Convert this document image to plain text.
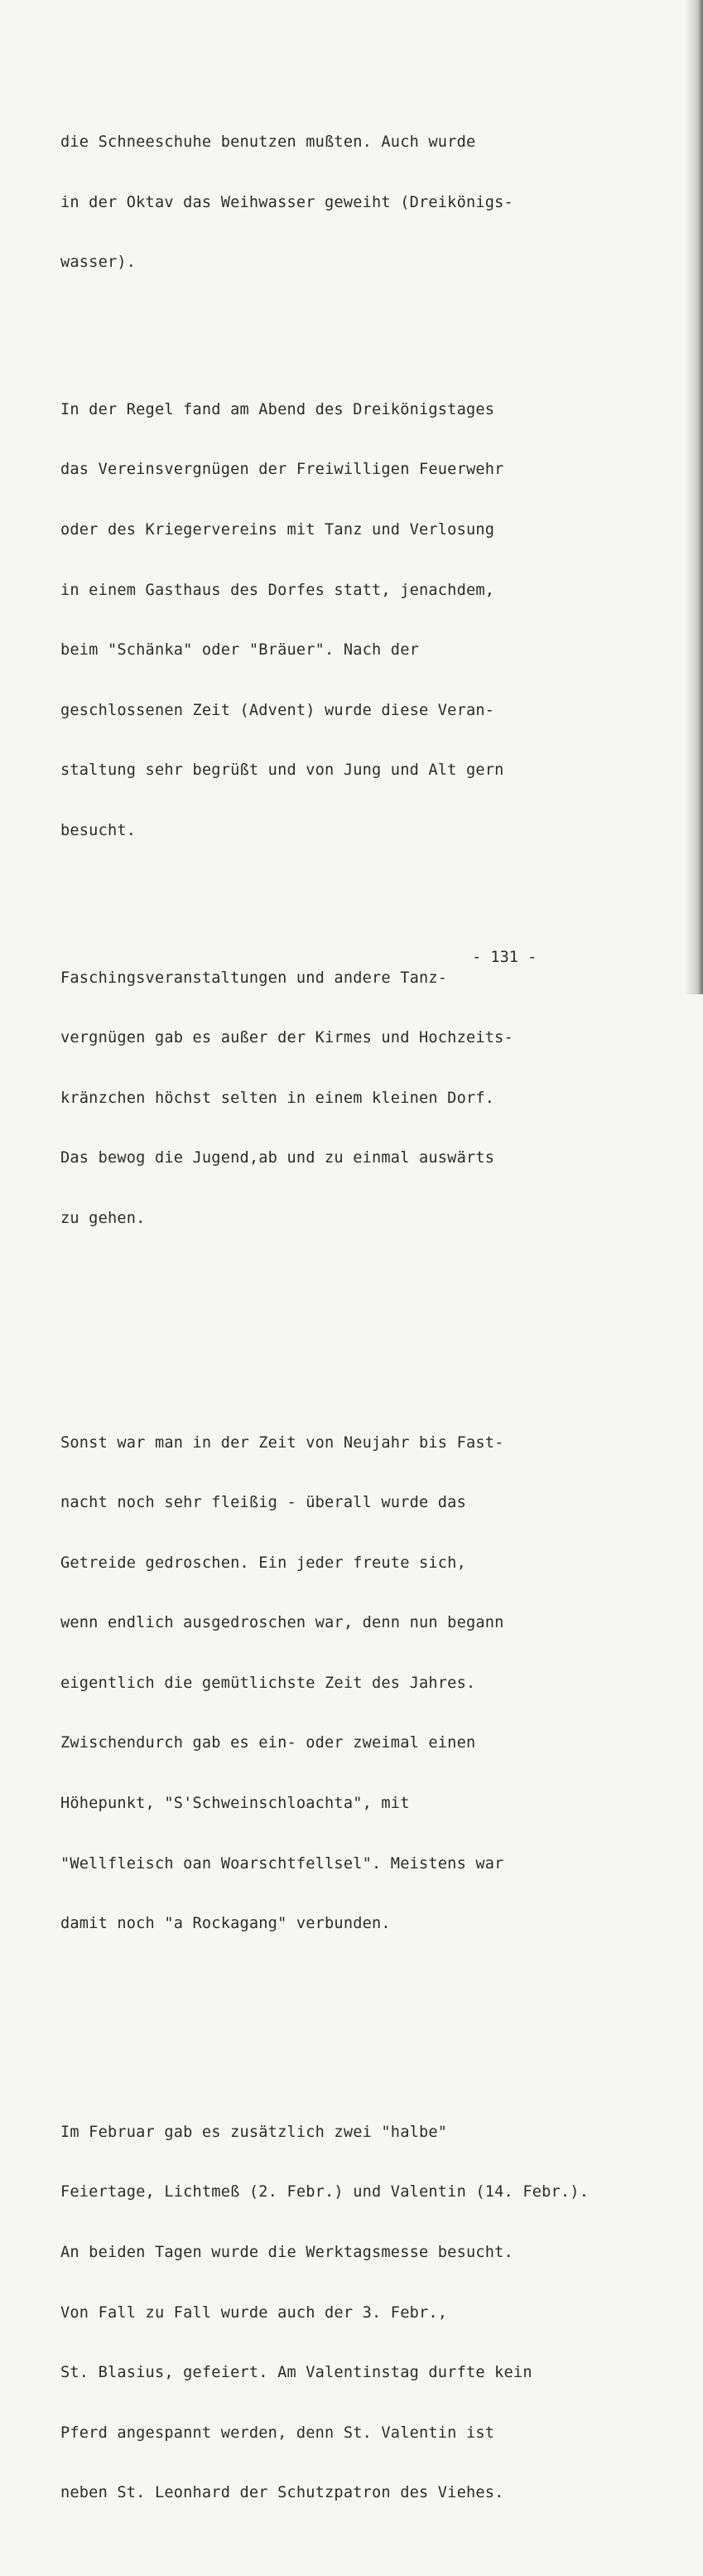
die Schneeschuhe benutzen mußten. Auch wurde

in der Oktav das Weihwasser geweiht (Dreikönigs-

wasser).

In der Regel fand am Abend des Dreikönigstages

das Vereinsvergnügen der Freiwilligen Feuerwehr

oder des Kriegervereins mit Tanz und Verlosung

in einem Gasthaus des Dorfes statt, jenachdem,

beim "Schänka" oder "Bräuer". Nach der

geschlossenen Zeit (Advent) wurde diese Veran-

staltung sehr begrüßt und von Jung und Alt gern

besucht.

Faschingsveranstaltungen und andere Tanz-

vergnügen gab es außer der Kirmes und Hochzeits-

kränzchen höchst selten in einem kleinen Dorf.

Das bewog die Jugend,ab und zu einmal auswärts

zu gehen.

Sonst war man in der Zeit von Neujahr bis Fast-

nacht noch sehr fleißig - überall wurde das

Getreide gedroschen. Ein jeder freute sich,

wenn endlich ausgedroschen war, denn nun begann

eigentlich die gemütlichste Zeit des Jahres.

Zwischendurch gab es ein- oder zweimal einen

Höhepunkt, "S'Schweinschloachta", mit

"Wellfleisch oan Woarschtfellsel". Meistens war

damit noch "a Rockagang" verbunden.

Im Februar gab es zusätzlich zwei "halbe"

Feiertage, Lichtmeß (2. Febr.) und Valentin (14. Febr.).

An beiden Tagen wurde die Werktagsmesse besucht.

Von Fall zu Fall wurde auch der 3. Febr.,

St. Blasius, gefeiert. Am Valentinstag durfte kein

Pferd angespannt werden, denn St. Valentin ist

neben St. Leonhard der Schutzpatron des Viehes.

- 131 -
